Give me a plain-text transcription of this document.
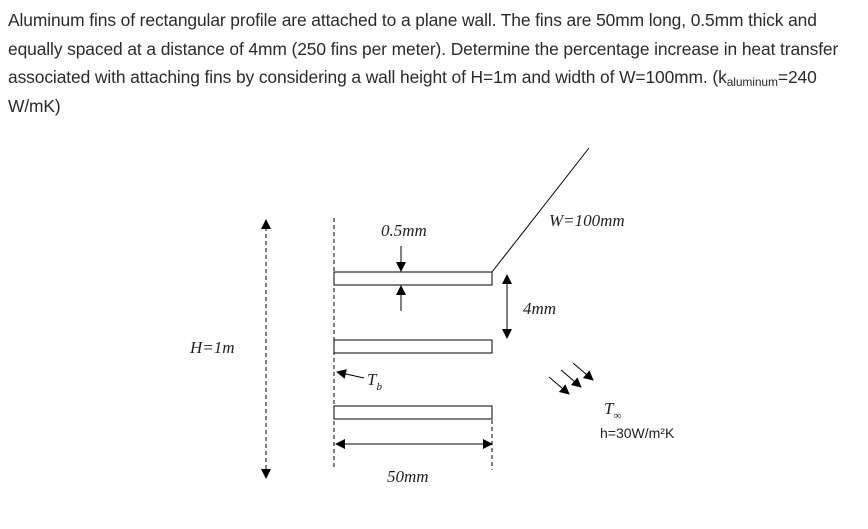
Aluminum fins of rectangular profile are attached to a plane wall. The fins are 50mm long, 0.5mm thick and equally spaced at a distance of 4mm (250 fins per meter). Determine the percentage increase in heat transfer associated with attaching fins by considering a wall height of H=1m and width of W=100mm. ($k_{aluminum}=240$ W/mK)

H=1m
0.5mm
W=100mm
4mm
$T_b$
$T_\infty$
h=30W/m²K
50mm
